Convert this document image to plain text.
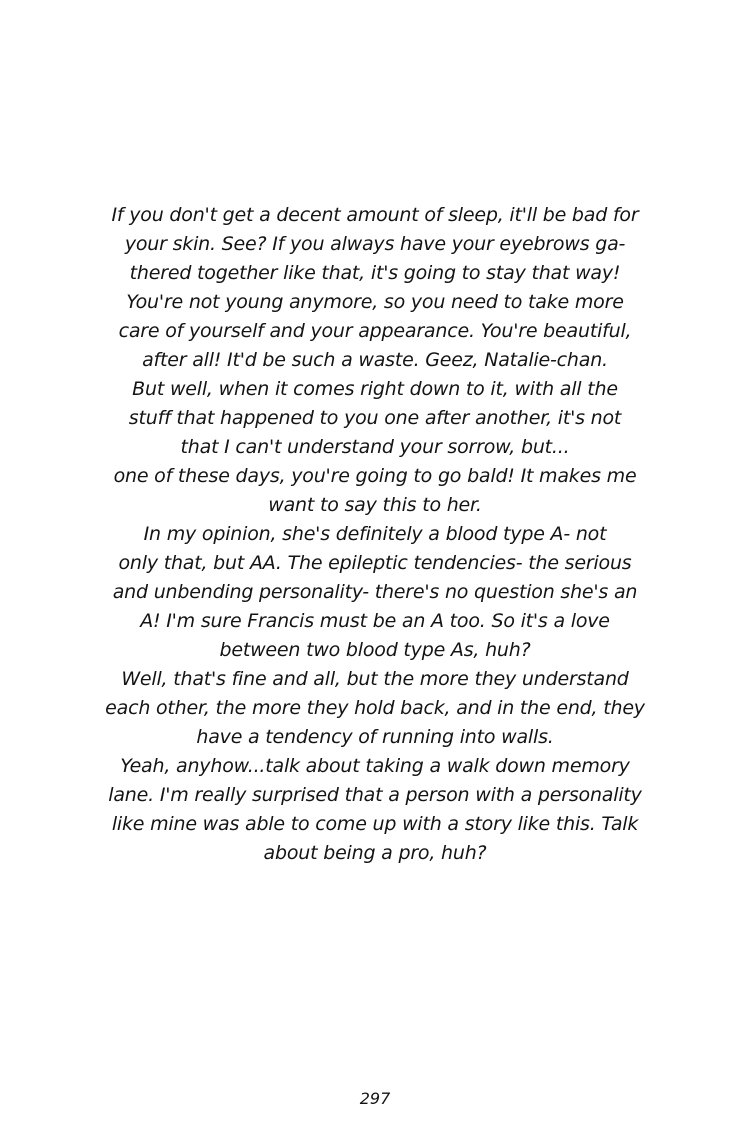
If you don't get a decent amount of sleep, it'll be bad for
your skin. See? If you always have your eyebrows ga-
thered together like that, it's going to stay that way!
You're not young anymore, so you need to take more
care of yourself and your appearance. You're beautiful,
after all! It'd be such a waste. Geez, Natalie-chan.
But well, when it comes right down to it, with all the
stuff that happened to you one after another, it's not
that I can't understand your sorrow, but...
one of these days, you're going to go bald! It makes me
want to say this to her.
In my opinion, she's definitely a blood type A- not
only that, but AA. The epileptic tendencies- the serious
and unbending personality- there's no question she's an
A! I'm sure Francis must be an A too. So it's a love
between two blood type As, huh?
Well, that's fine and all, but the more they understand
each other, the more they hold back, and in the end, they
have a tendency of running into walls.
Yeah, anyhow...talk about taking a walk down memory
lane. I'm really surprised that a person with a personality
like mine was able to come up with a story like this. Talk
about being a pro, huh?
297
